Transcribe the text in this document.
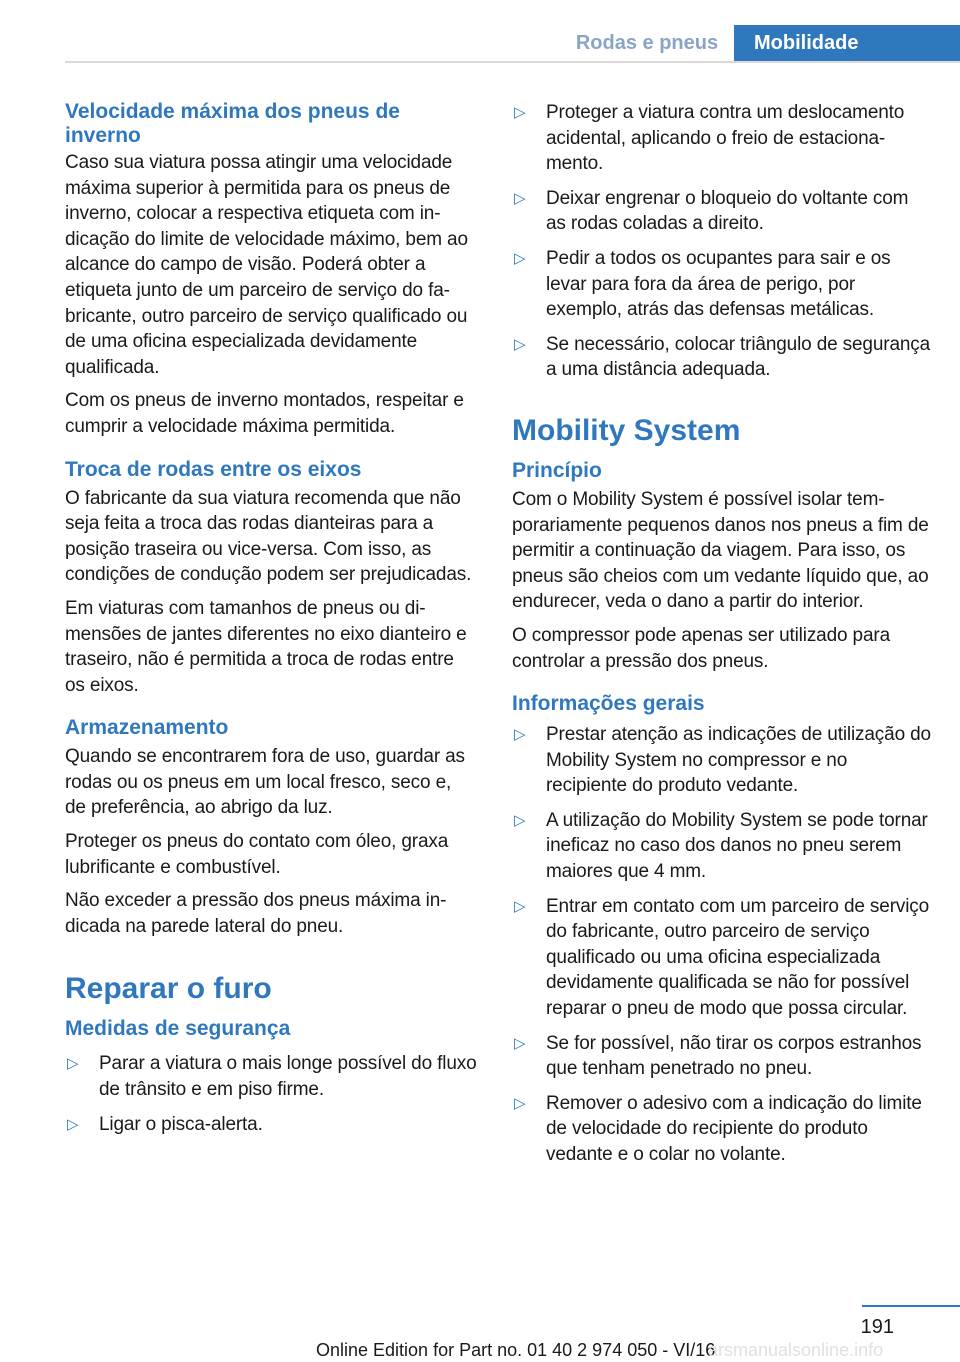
Rodas e pneus	Mobilidade
Velocidade máxima dos pneus de inverno

Caso sua viatura possa atingir uma velocidade máxima superior à permitida para os pneus de inverno, colocar a respectiva etiqueta com indicação do limite de velocidade máximo, bem ao alcance do campo de visão. Poderá obter a etiqueta junto de um parceiro de serviço do fabricante, outro parceiro de serviço qualificado ou de uma oficina especializada devidamente qualificada.

Com os pneus de inverno montados, respeitar e cumprir a velocidade máxima permitida.

Troca de rodas entre os eixos

O fabricante da sua viatura recomenda que não seja feita a troca das rodas dianteiras para a posição traseira ou vice-versa. Com isso, as condições de condução podem ser prejudicadas.

Em viaturas com tamanhos de pneus ou dimensões de jantes diferentes no eixo dianteiro e traseiro, não é permitida a troca de rodas entre os eixos.

Armazenamento

Quando se encontrarem fora de uso, guardar as rodas ou os pneus em um local fresco, seco e, de preferência, ao abrigo da luz.

Proteger os pneus do contato com óleo, graxa lubrificante e combustível.

Não exceder a pressão dos pneus máxima indicada na parede lateral do pneu.

Reparar o furo
Medidas de segurança
▷ Parar a viatura o mais longe possível do fluxo de trânsito e em piso firme.
▷ Ligar o pisca-alerta.
▷ Proteger a viatura contra um deslocamento acidental, aplicando o freio de estacionamento.
▷ Deixar engrenar o bloqueio do voltante com as rodas coladas a direito.
▷ Pedir a todos os ocupantes para sair e os levar para fora da área de perigo, por exemplo, atrás das defensas metálicas.
▷ Se necessário, colocar triângulo de segurança a uma distância adequada.
Mobility System
Princípio

Com o Mobility System é possível isolar temporariamente pequenos danos nos pneus a fim de permitir a continuação da viagem. Para isso, os pneus são cheios com um vedante líquido que, ao endurecer, veda o dano a partir do interior.

O compressor pode apenas ser utilizado para controlar a pressão dos pneus.

Informações gerais
▷ Prestar atenção as indicações de utilização do Mobility System no compressor e no recipiente do produto vedante.
▷ A utilização do Mobility System se pode tornar ineficaz no caso dos danos no pneu serem maiores que 4 mm.
▷ Entrar em contato com um parceiro de serviço do fabricante, outro parceiro de serviço qualificado ou uma oficina especializada devidamente qualificada se não for possível reparar o pneu de modo que possa circular.
▷ Se for possível, não tirar os corpos estranhos que tenham penetrado no pneu.
▷ Remover o adesivo com a indicação do limite de velocidade do recipiente do produto vedante e o colar no volante.
191
Online Edition for Part no. 01 40 2 974 050 - VI/16
arsmanualsonline.info
